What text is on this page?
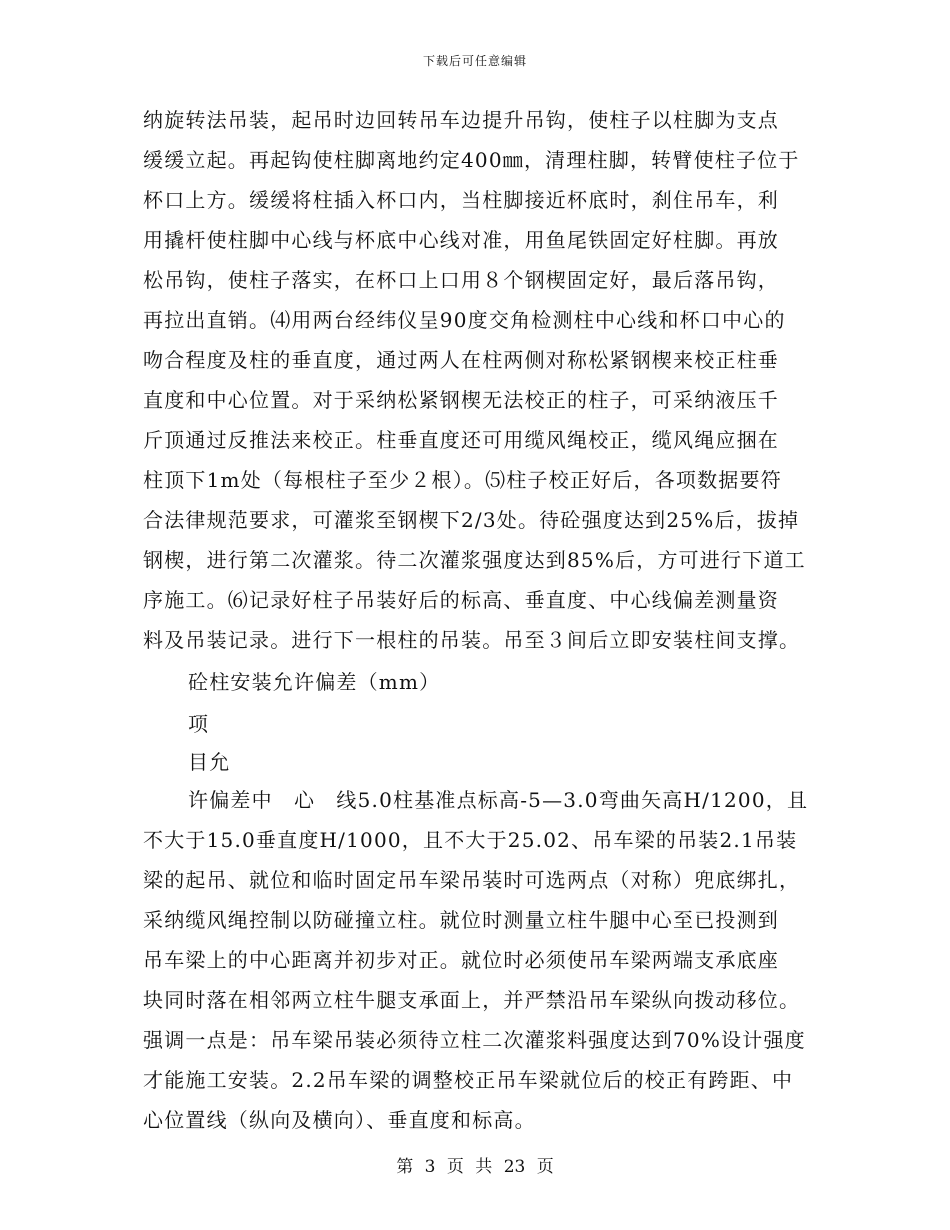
下载后可任意编辑
纳旋转法吊装，起吊时边回转吊车边提升吊钩，使柱子以柱脚为支点
缓缓立起。再起钩使柱脚离地约定400㎜，清理柱脚，转臂使柱子位于
杯口上方。缓缓将柱插入杯口内，当柱脚接近杯底时，刹住吊车，利
用撬杆使柱脚中心线与杯底中心线对准，用鱼尾铁固定好柱脚。再放
松吊钩，使柱子落实，在杯口上口用８个钢楔固定好，最后落吊钩，
再拉出直销。⑷用两台经纬仪呈90度交角检测柱中心线和杯口中心的
吻合程度及柱的垂直度，通过两人在柱两侧对称松紧钢楔来校正柱垂
直度和中心位置。对于采纳松紧钢楔无法校正的柱子，可采纳液压千
斤顶通过反推法来校正。柱垂直度还可用缆风绳校正，缆风绳应捆在
柱顶下1m处（每根柱子至少２根）。⑸柱子校正好后，各项数据要符
合法律规范要求，可灌浆至钢楔下2/3处。待砼强度达到25%后，拔掉
钢楔，进行第二次灌浆。待二次灌浆强度达到85%后，方可进行下道工
序施工。⑹记录好柱子吊装好后的标高、垂直度、中心线偏差测量资
料及吊装记录。进行下一根柱的吊装。吊至３间后立即安装柱间支撑。
砼柱安装允许偏差（mm）
项
目允
许偏差中　心　线5.0柱基准点标高-5—3.0弯曲矢高H/1200，且
不大于15.0垂直度H/1000，且不大于25.02、吊车梁的吊装2.1吊装
梁的起吊、就位和临时固定吊车梁吊装时可选两点（对称）兜底绑扎，
采纳缆风绳控制以防碰撞立柱。就位时测量立柱牛腿中心至已投测到
吊车梁上的中心距离并初步对正。就位时必须使吊车梁两端支承底座
块同时落在相邻两立柱牛腿支承面上，并严禁沿吊车梁纵向拨动移位。
强调一点是：吊车梁吊装必须待立柱二次灌浆料强度达到70%设计强度
才能施工安装。2.2吊车梁的调整校正吊车梁就位后的校正有跨距、中
心位置线（纵向及横向）、垂直度和标高。
第 3 页 共 23 页
